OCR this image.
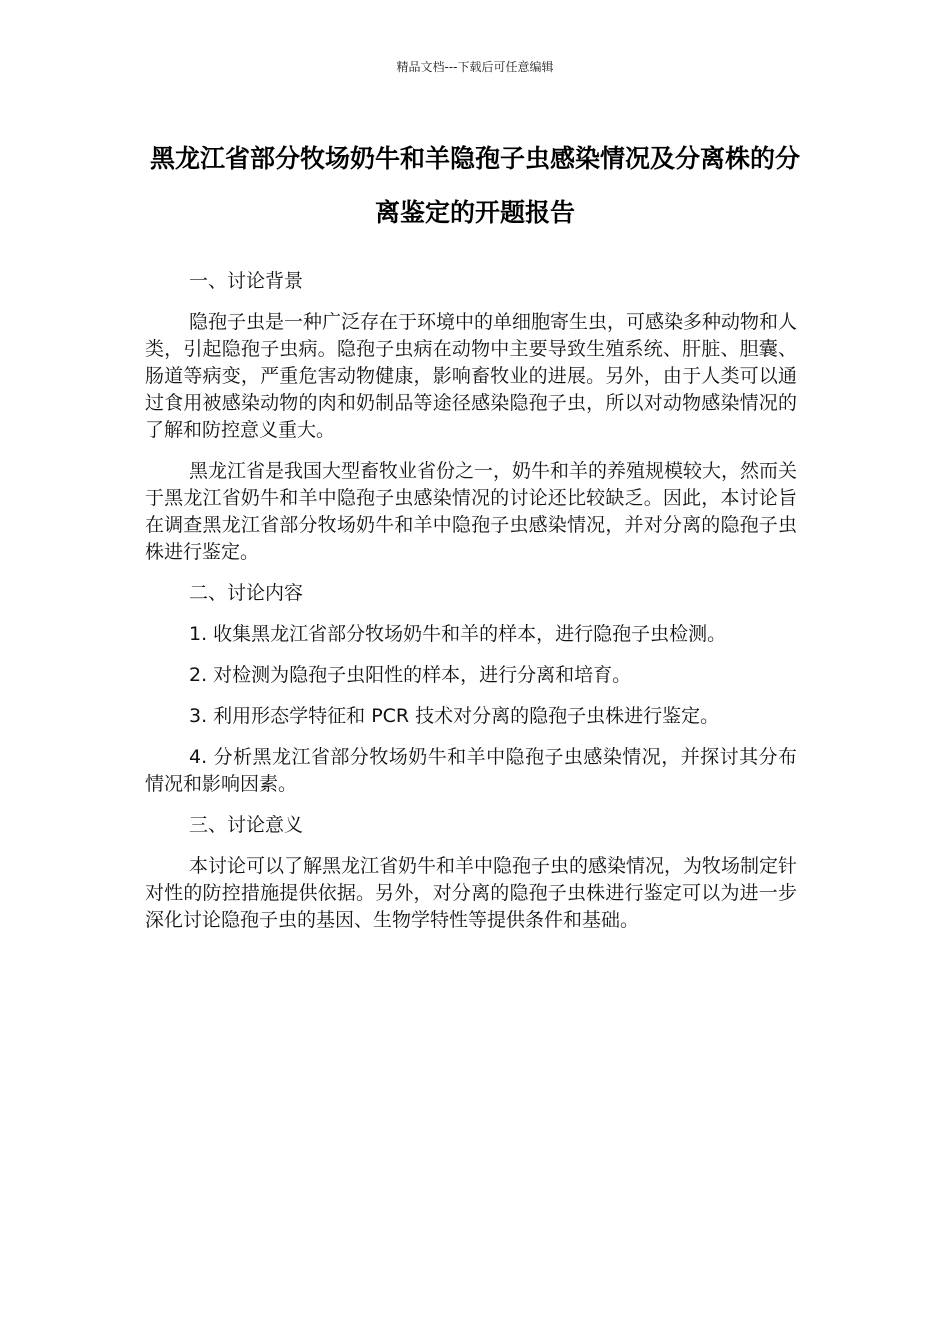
精品文档---下载后可任意编辑
黑龙江省部分牧场奶牛和羊隐孢子虫感染情况及分离株的分离鉴定的开题报告

一、讨论背景

隐孢子虫是一种广泛存在于环境中的单细胞寄生虫，可感染多种动物和人类，引起隐孢子虫病。隐孢子虫病在动物中主要导致生殖系统、肝脏、胆囊、肠道等病变，严重危害动物健康，影响畜牧业的进展。另外，由于人类可以通过食用被感染动物的肉和奶制品等途径感染隐孢子虫，所以对动物感染情况的了解和防控意义重大。

黑龙江省是我国大型畜牧业省份之一，奶牛和羊的养殖规模较大，然而关于黑龙江省奶牛和羊中隐孢子虫感染情况的讨论还比较缺乏。因此，本讨论旨在调查黑龙江省部分牧场奶牛和羊中隐孢子虫感染情况，并对分离的隐孢子虫株进行鉴定。

二、讨论内容

1. 收集黑龙江省部分牧场奶牛和羊的样本，进行隐孢子虫检测。

2. 对检测为隐孢子虫阳性的样本，进行分离和培育。

3. 利用形态学特征和 PCR 技术对分离的隐孢子虫株进行鉴定。

4. 分析黑龙江省部分牧场奶牛和羊中隐孢子虫感染情况，并探讨其分布情况和影响因素。

三、讨论意义

本讨论可以了解黑龙江省奶牛和羊中隐孢子虫的感染情况，为牧场制定针对性的防控措施提供依据。另外，对分离的隐孢子虫株进行鉴定可以为进一步深化讨论隐孢子虫的基因、生物学特性等提供条件和基础。
